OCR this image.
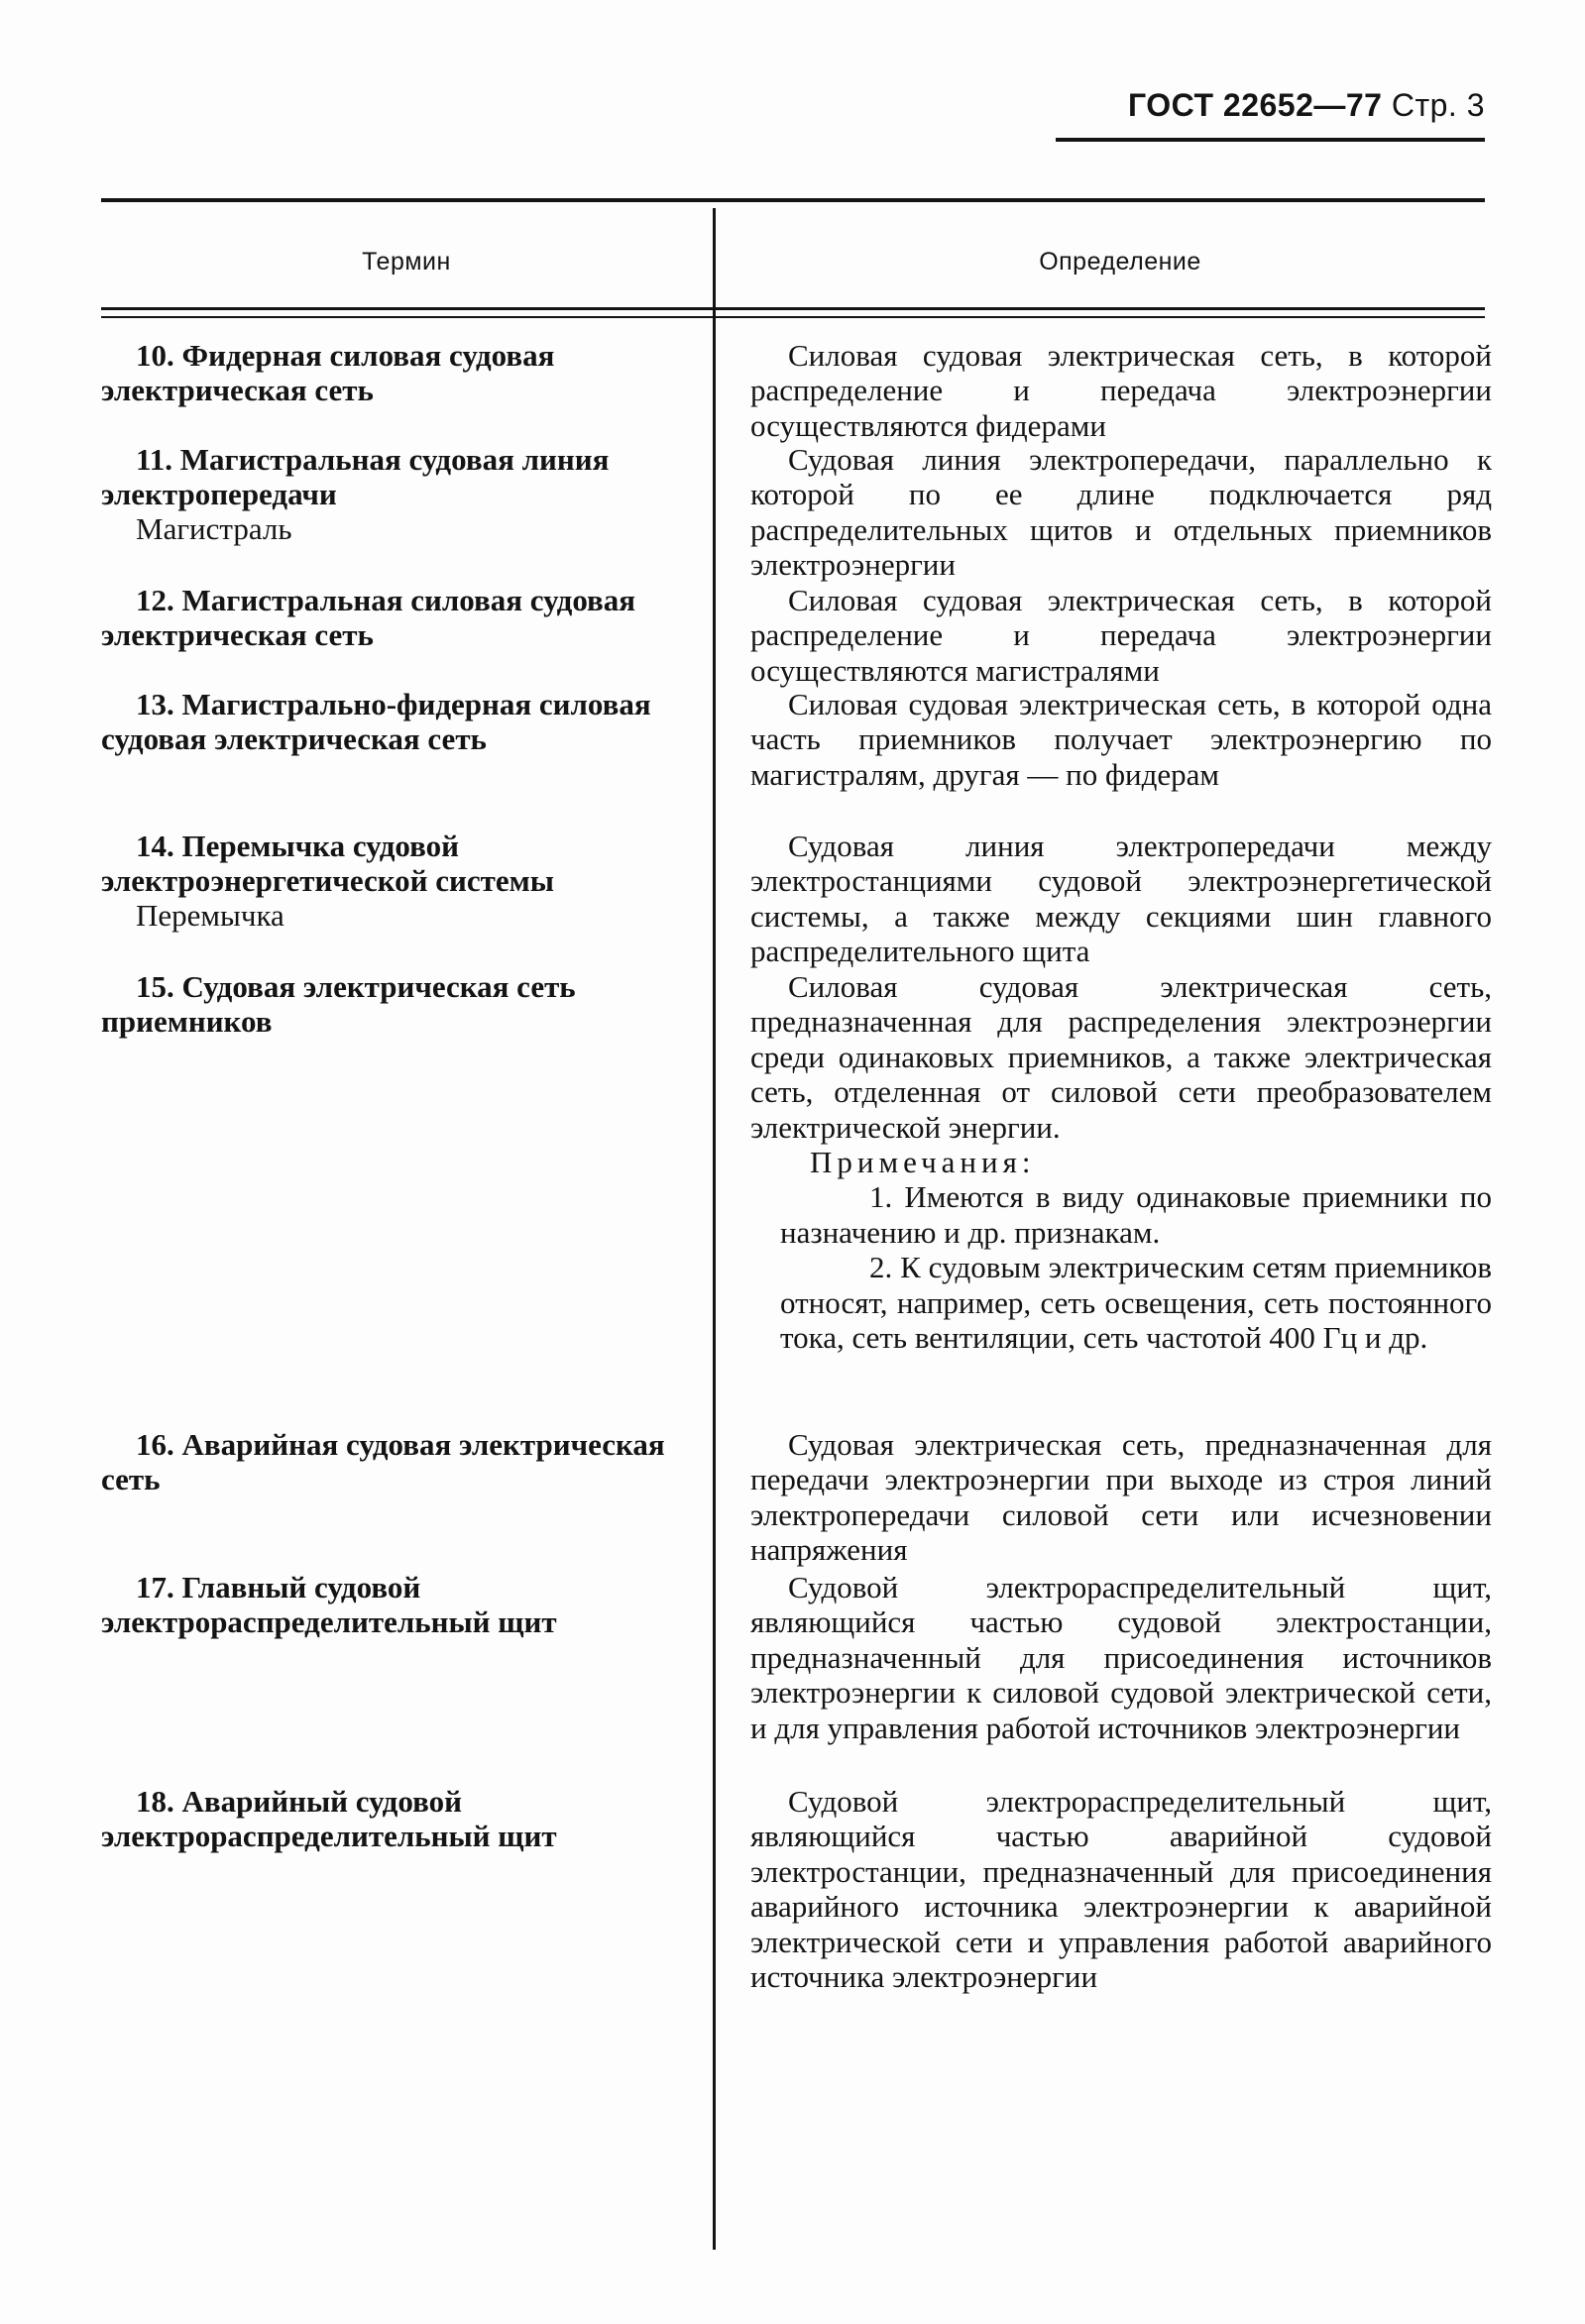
ГОСТ 22652—77 Стр. 3
Термин	Определение
10. Фидерная силовая судовая электрическая сеть
11. Магистральная судовая линия электропередачи
Магистраль
12. Магистральная силовая судовая электрическая сеть
13. Магистрально-фидерная силовая судовая электрическая сеть
14. Перемычка судовой электроэнергетической системы
Перемычка
15. Судовая электрическая сеть приемников
16. Аварийная судовая электрическая сеть
17. Главный судовой электрораспределительный щит
18. Аварийный судовой электрораспределительный щит
Силовая судовая электрическая сеть, в которой распределение и передача электроэнергии осуществляются фидерами
Судовая линия электропередачи, параллельно к которой по ее длине подключается ряд распределительных щитов и отдельных приемников электроэнергии
Силовая судовая электрическая сеть, в которой распределение и передача электроэнергии осуществляются магистралями
Силовая судовая электрическая сеть, в которой одна часть приемников получает электроэнергию по магистралям, другая — по фидерам
Судовая линия электропередачи между электростанциями судовой электроэнергетической системы, а также между секциями шин главного распределительного щита
Силовая судовая электрическая сеть, предназначенная для распределения электроэнергии среди одинаковых приемников, а также электрическая сеть, отделенная от силовой сети преобразователем электрической энергии.
Примечания:
1. Имеются в виду одинаковые приемники по назначению и др. признакам.
2. К судовым электрическим сетям приемников относят, например, сеть освещения, сеть постоянного тока, сеть вентиляции, сеть частотой 400 Гц и др.
Судовая электрическая сеть, предназначенная для передачи электроэнергии при выходе из строя линий электропередачи силовой сети или исчезновении напряжения
Судовой электрораспределительный щит, являющийся частью судовой электростанции, предназначенный для присоединения источников электроэнергии к силовой судовой электрической сети, и для управления работой источников электроэнергии
Судовой электрораспределительный щит, являющийся частью аварийной судовой электростанции, предназначенный для присоединения аварийного источника электроэнергии к аварийной электрической сети и управления работой аварийного источника электроэнергии
